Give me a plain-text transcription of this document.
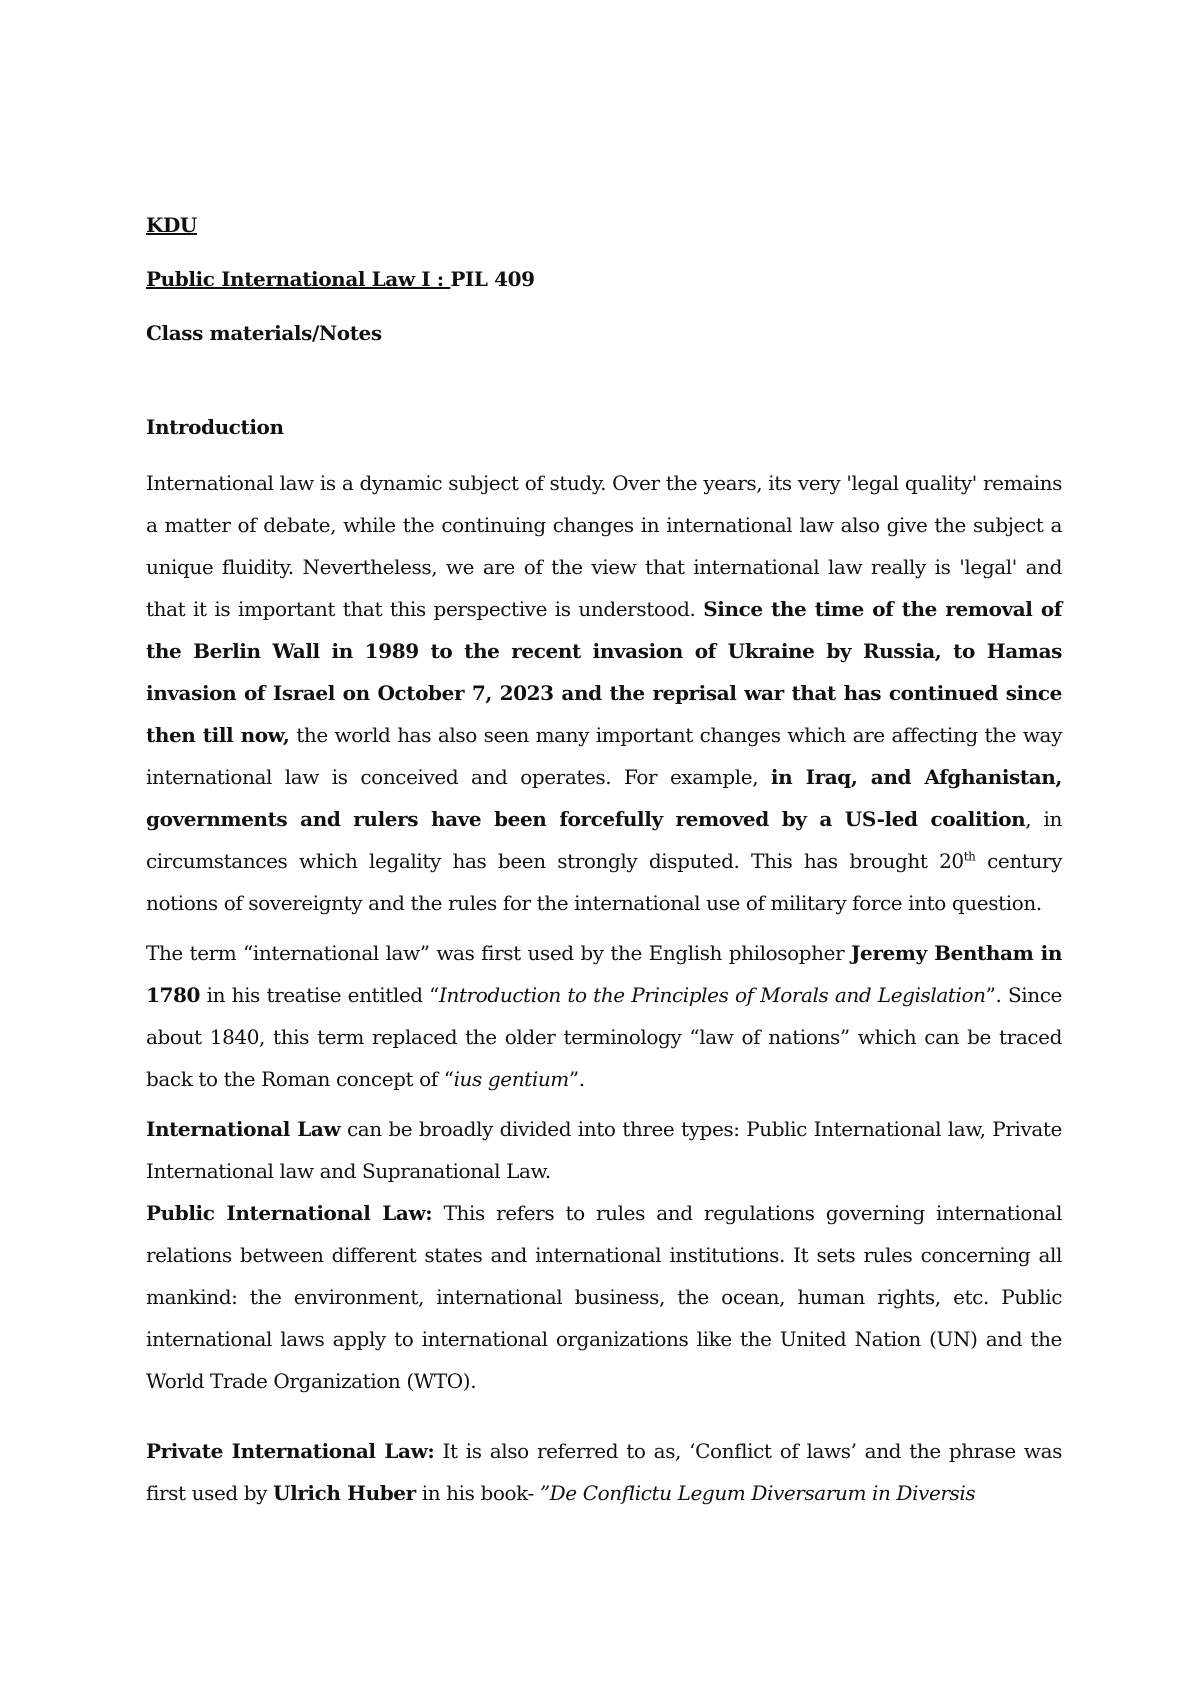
KDU

Public International Law I : PIL 409

Class materials/Notes

Introduction

International law is a dynamic subject of study. Over the years, its very 'legal quality' remains a matter of debate, while the continuing changes in international law also give the subject a unique fluidity. Nevertheless, we are of the view that international law really is 'legal' and that it is important that this perspective is understood. Since the time of the removal of the Berlin Wall in 1989 to the recent invasion of Ukraine by Russia, to Hamas invasion of Israel on October 7, 2023 and the reprisal war that has continued since then till now, the world has also seen many important changes which are affecting the way international law is conceived and operates. For example, in Iraq, and Afghanistan, governments and rulers have been forcefully removed by a US-led coalition, in circumstances which legality has been strongly disputed. This has brought 20th century notions of sovereignty and the rules for the international use of military force into question.

The term “international law” was first used by the English philosopher Jeremy Bentham in 1780 in his treatise entitled “Introduction to the Principles of Morals and Legislation”. Since about 1840, this term replaced the older terminology “law of nations” which can be traced back to the Roman concept of “ius gentium”.

International Law can be broadly divided into three types: Public International law, Private International law and Supranational Law.

Public International Law: This refers to rules and regulations governing international relations between different states and international institutions. It sets rules concerning all mankind: the environment, international business, the ocean, human rights, etc. Public international laws apply to international organizations like the United Nation (UN) and the World Trade Organization (WTO).

Private International Law: It is also referred to as, ‘Conflict of laws’ and the phrase was first used by Ulrich Huber in his book- ”De Conflictu Legum Diversarum in Diversis
